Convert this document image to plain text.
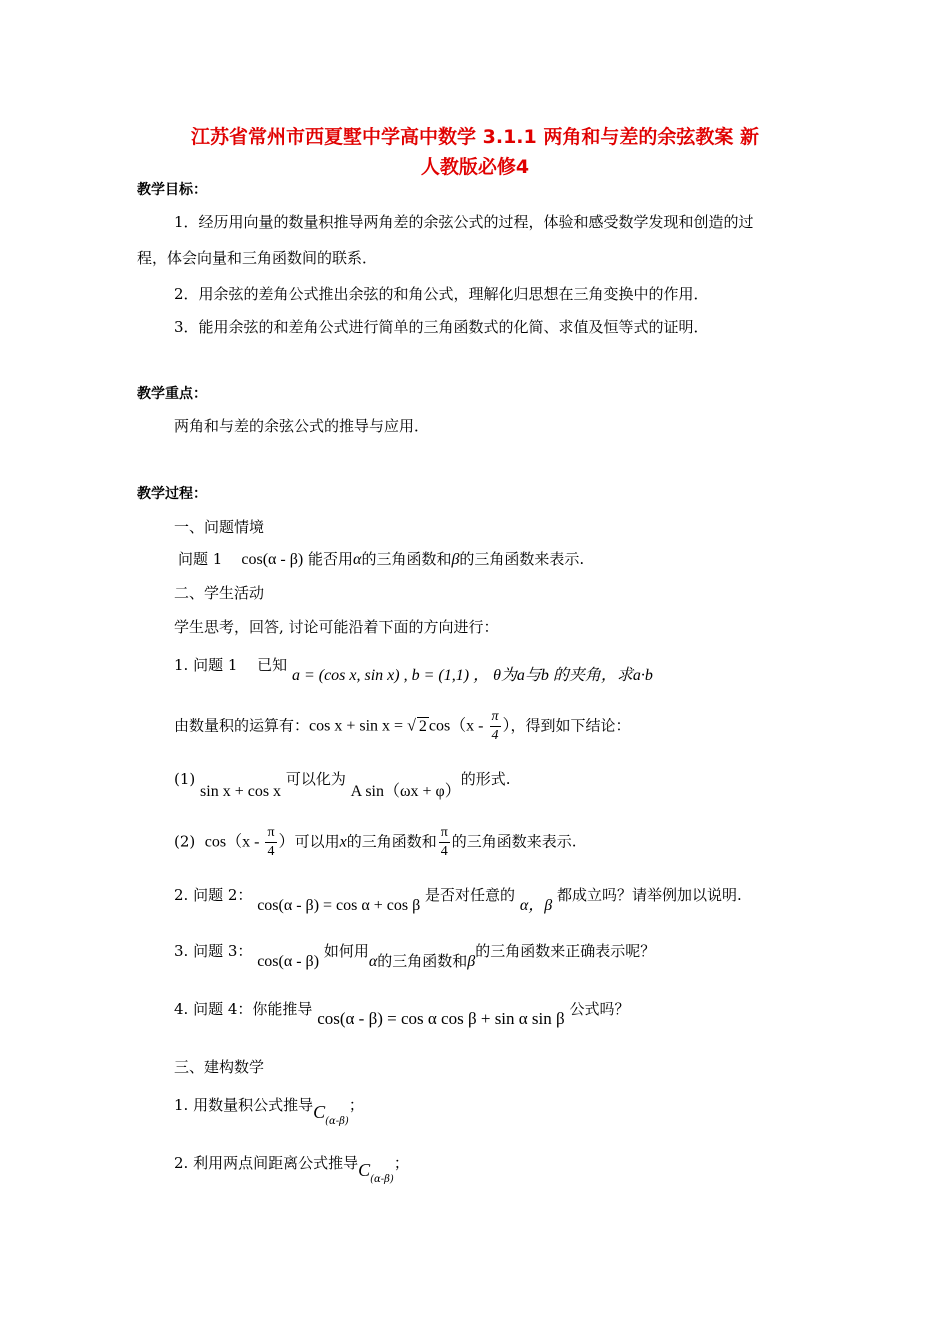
江苏省常州市西夏墅中学高中数学 3.1.1 两角和与差的余弦教案 新
人教版必修4
教学目标：
1．经历用向量的数量积推导两角差的余弦公式的过程，体验和感受数学发现和创造的过
程，体会向量和三角函数间的联系．
2．用余弦的差角公式推出余弦的和角公式，理解化归思想在三角变换中的作用．
3．能用余弦的和差角公式进行简单的三角函数式的化简、求值及恒等式的证明．
教学重点：
两角和与差的余弦公式的推导与应用．
教学过程：
一、问题情境
问题 1 cos(α - β) 能否用α的三角函数和β的三角函数来表示.
二、学生活动
学生思考，回答, 讨论可能沿着下面的方向进行：
1. 问题 1　 已知 a = (cos x, sin x) , b = (1,1) ， θ为a与b 的夹角，求a·b
由数量积的运算有：cos x + sin x = √ 2 $\cos(x - \frac{\pi}{4}$ ），得到如下结论：
(1) sin x + cos x 可以化为 A sin（ωx + φ）的形式.
(2) $\cos(x - \frac{\pi}{4}$ ）可以用x的三角函数和 $\frac{\pi}{4}$ 的三角函数来表示.
2. 问题 2： cos(α - β) = cos α + cos β 是否对任意的 α，β 都成立吗？请举例加以说明.
3. 问题 3： cos(α - β) 如何用α的三角函数和β的三角函数来正确表示呢？
4. 问题 4：你能推导 cos(α - β) = cos α cos β + sin α sin β 公式吗？
三、建构数学
1. 用数量积公式推导$C_{(\alpha-\beta)}$；
2. 利用两点间距离公式推导$C_{(\alpha-\beta)}$；
